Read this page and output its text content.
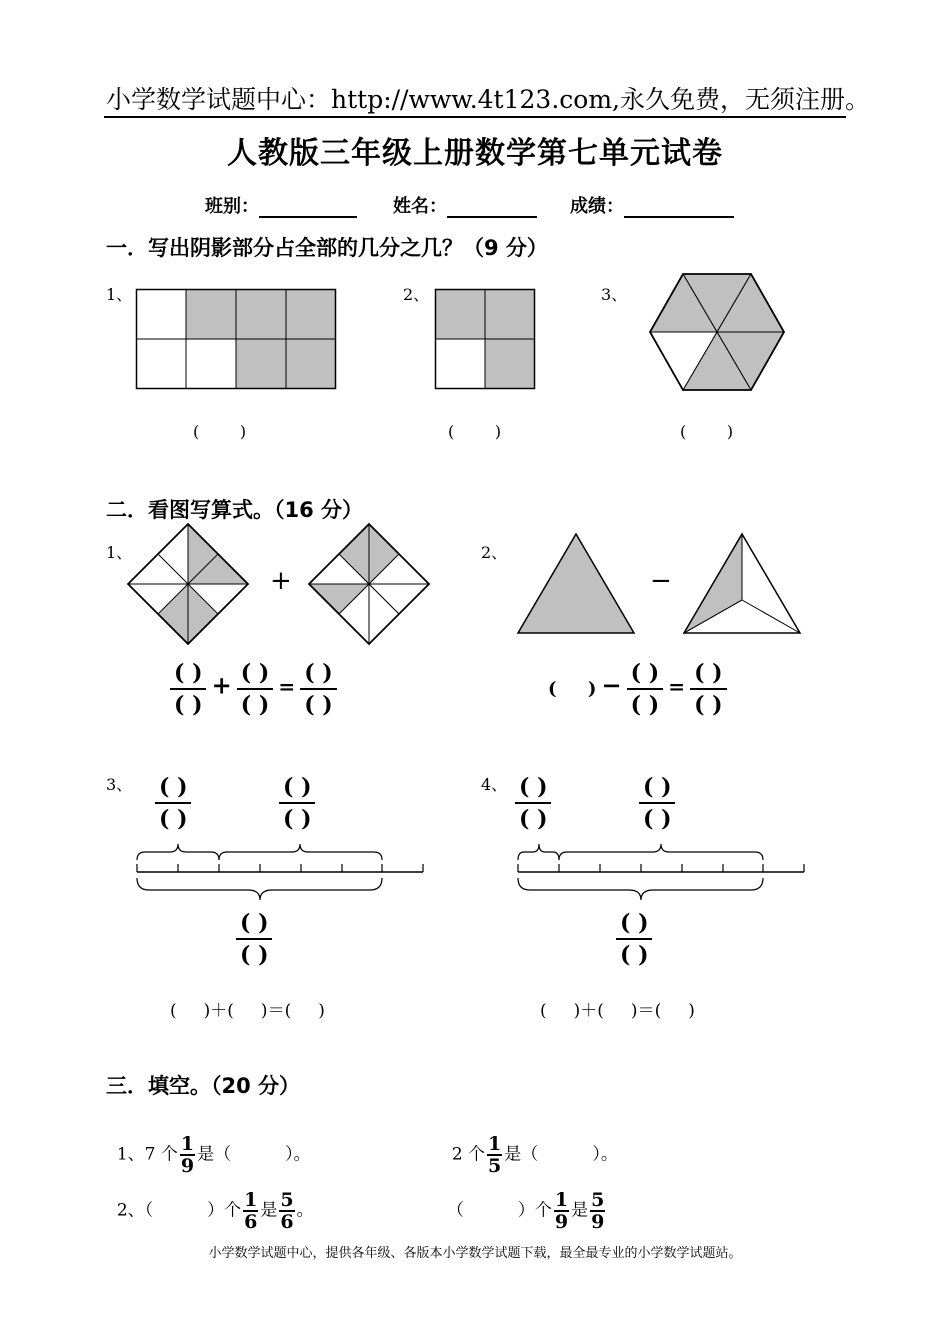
小学数学试题中心：http://www.4t123.com,永久免费，无须注册。
人教版三年级上册数学第七单元试卷
班别：	姓名：	成绩：
一．写出阴影部分占全部的几分之几？（9 分）
1、	2、	3、
(        )	(        )	(        )
二．看图写算式。（16 分）
1、	2、
+	−
$\frac{( )}{( )} + \frac{( )}{( )} = \frac{( )}{( )}$	(     ) − $\frac{( )}{( )} = \frac{( )}{( )}$
3、	4、
$\frac{( )}{( )}$	$\frac{( )}{( )}$
$\frac{( )}{( )}$
$\frac{( )}{( )}$	$\frac{( )}{( )}$
$\frac{( )}{( )}$
(     )＋(     )＝(     )	(     )＋(     )＝(     )
三．填空。（20 分）

1、7 个 $\frac{1}{9}$ 是（          ）。	2 个 $\frac{1}{5}$ 是（          ）。

2、（          ）个 $\frac{1}{6}$ 是 $\frac{5}{6}$ 。	（          ）个 $\frac{1}{9}$ 是 $\frac{5}{9}$

小学数学试题中心，提供各年级、各版本小学数学试题下载，最全最专业的小学数学试题站。
